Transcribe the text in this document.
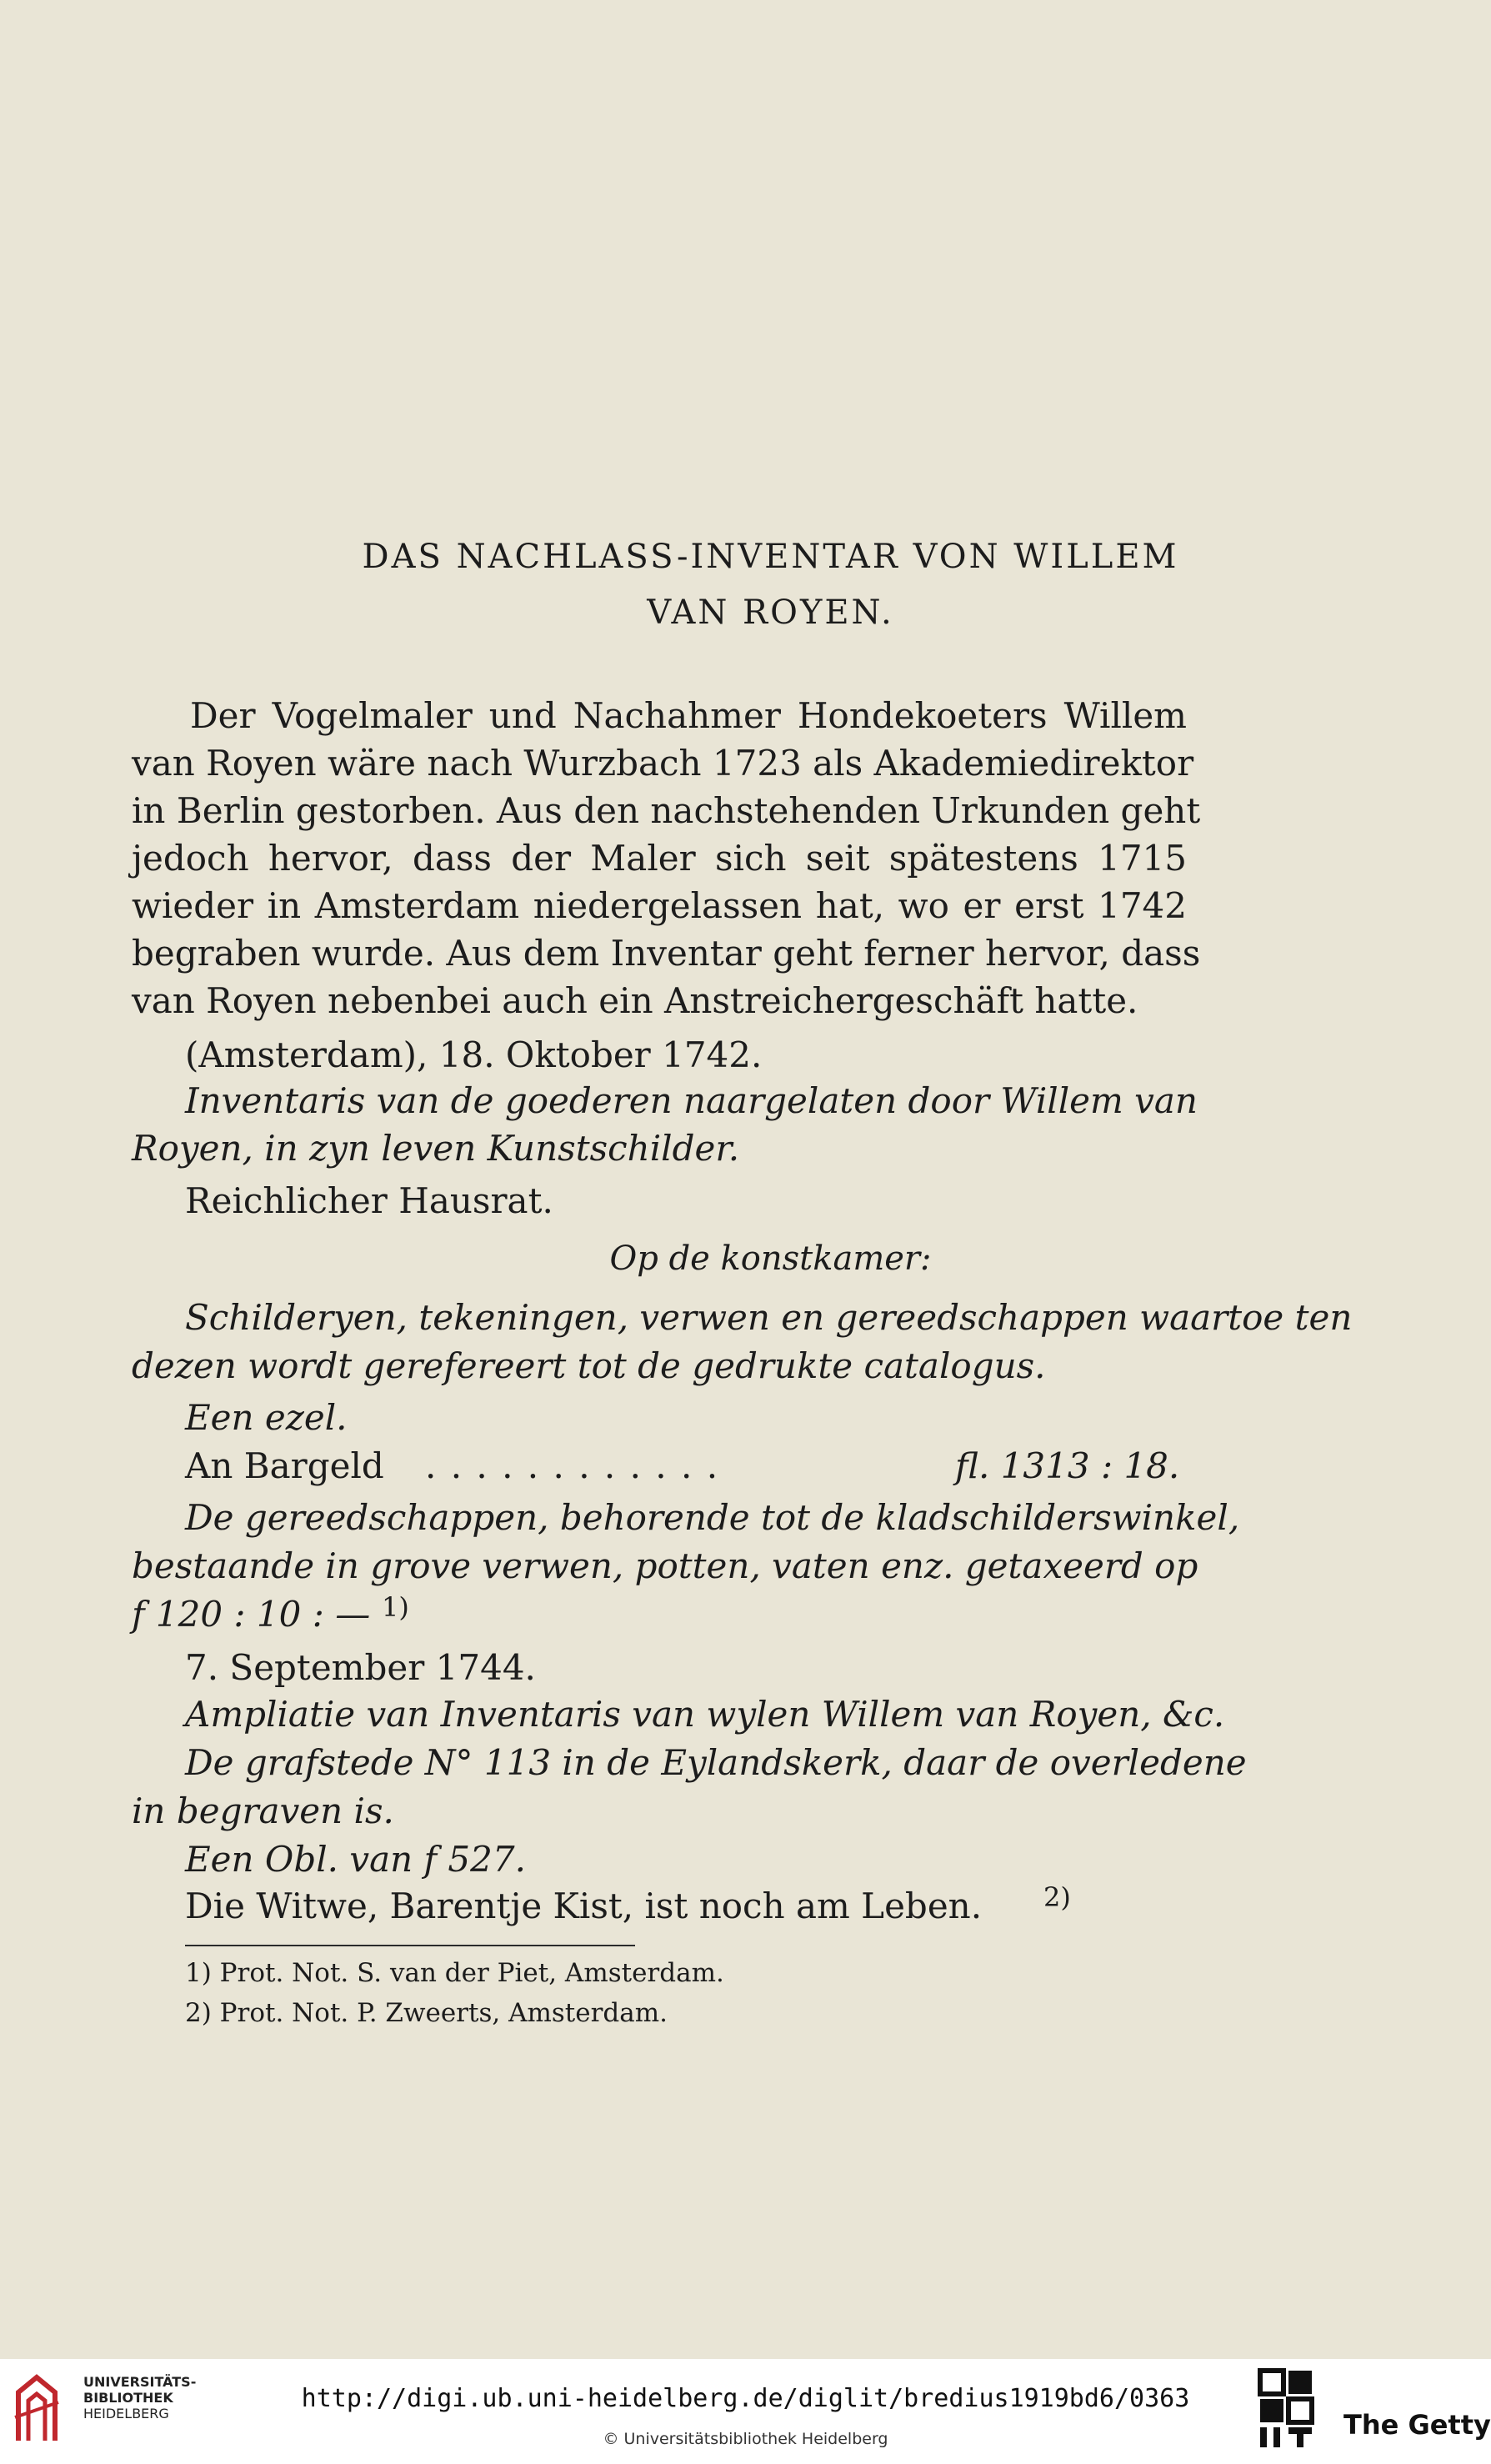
DAS NACHLASS-INVENTAR VON WILLEM
VAN ROYEN.
Der Vogelmaler und Nachahmer Hondekoeters Willem
van Royen wäre nach Wurzbach 1723 als Akademiedirektor
in Berlin gestorben. Aus den nachstehenden Urkunden geht
jedoch hervor, dass der Maler sich seit spätestens 1715
wieder in Amsterdam niedergelassen hat, wo er erst 1742
begraben wurde. Aus dem Inventar geht ferner hervor, dass
van Royen nebenbei auch ein Anstreichergeschäft hatte.
(Amsterdam), 18. Oktober 1742.
Inventaris van de goederen naargelaten door Willem van
Royen, in zyn leven Kunstschilder.
Reichlicher Hausrat.
Op de konstkamer:
Schilderyen, tekeningen, verwen en gereedschappen waartoe ten
dezen wordt gerefereert tot de gedrukte catalogus.
Een ezel.
An Bargeld . . . . . . . . . . . .	fl. 1313 : 18.
De gereedschappen, behorende tot de kladschilderswinkel,
bestaande in grove verwen, potten, vaten enz. getaxeerd op
f 120 : 10 : — 1)
7. September 1744.
Ampliatie van Inventaris van wylen Willem van Royen, &c.
De grafstede N° 113 in de Eylandskerk, daar de overledene
in begraven is.
Een Obl. van f 527.
Die Witwe, Barentje Kist, ist noch am Leben. 2)
1) Prot. Not. S. van der Piet, Amsterdam.
2) Prot. Not. P. Zweerts, Amsterdam.
UNIVERSITÄTS-
BIBLIOTHEK
HEIDELBERG
http://digi.ub.uni-heidelberg.de/diglit/bredius1919bd6/0363
© Universitätsbibliothek Heidelberg	The Getty
